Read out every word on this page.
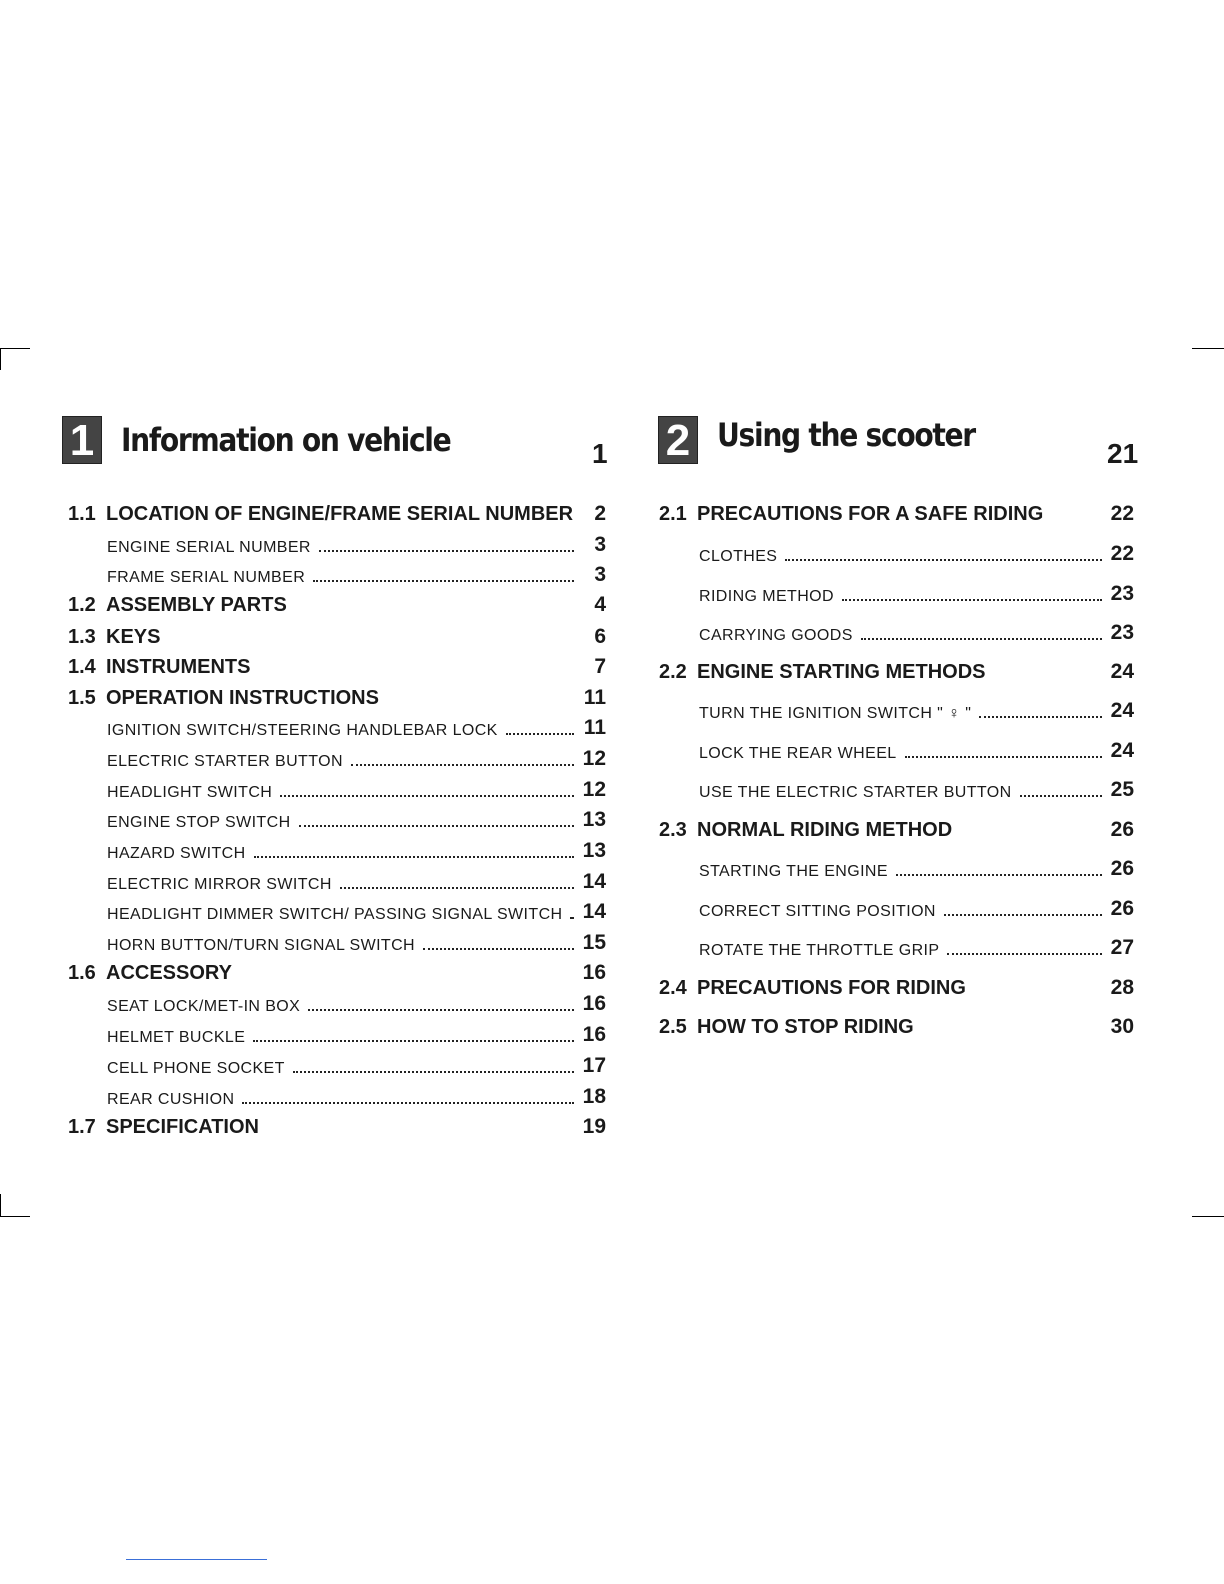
1 Information on vehicle	1
1.1 LOCATION OF ENGINE/FRAME SERIAL NUMBER	2
ENGINE SERIAL NUMBER	3
FRAME SERIAL NUMBER	3
1.2 ASSEMBLY PARTS	4
1.3 KEYS	6
1.4 INSTRUMENTS	7
1.5 OPERATION INSTRUCTIONS	11
IGNITION SWITCH/STEERING HANDLEBAR LOCK	11
ELECTRIC STARTER BUTTON	12
HEADLIGHT SWITCH	12
ENGINE STOP SWITCH	13
HAZARD SWITCH	13
ELECTRIC MIRROR SWITCH	14
HEADLIGHT DIMMER SWITCH/ PASSING SIGNAL SWITCH 14
HORN BUTTON/TURN SIGNAL SWITCH	15
1.6 ACCESSORY	16
SEAT LOCK/MET-IN BOX	16
HELMET BUCKLE	16
CELL PHONE SOCKET	17
REAR CUSHION	18
1.7 SPECIFICATION	19
2 Using the scooter	21
2.1 PRECAUTIONS FOR A SAFE RIDING	22
CLOTHES	22
RIDING METHOD	23
CARRYING GOODS	23
2.2 ENGINE STARTING METHODS	24
TURN THE IGNITION SWITCH " ♀ "	24
LOCK THE REAR WHEEL	24
USE THE ELECTRIC STARTER BUTTON	25
2.3 NORMAL RIDING METHOD	26
STARTING THE ENGINE	26
CORRECT SITTING POSITION	26
ROTATE THE THROTTLE GRIP	27
2.4 PRECAUTIONS FOR RIDING	28
2.5 HOW TO STOP RIDING	30
